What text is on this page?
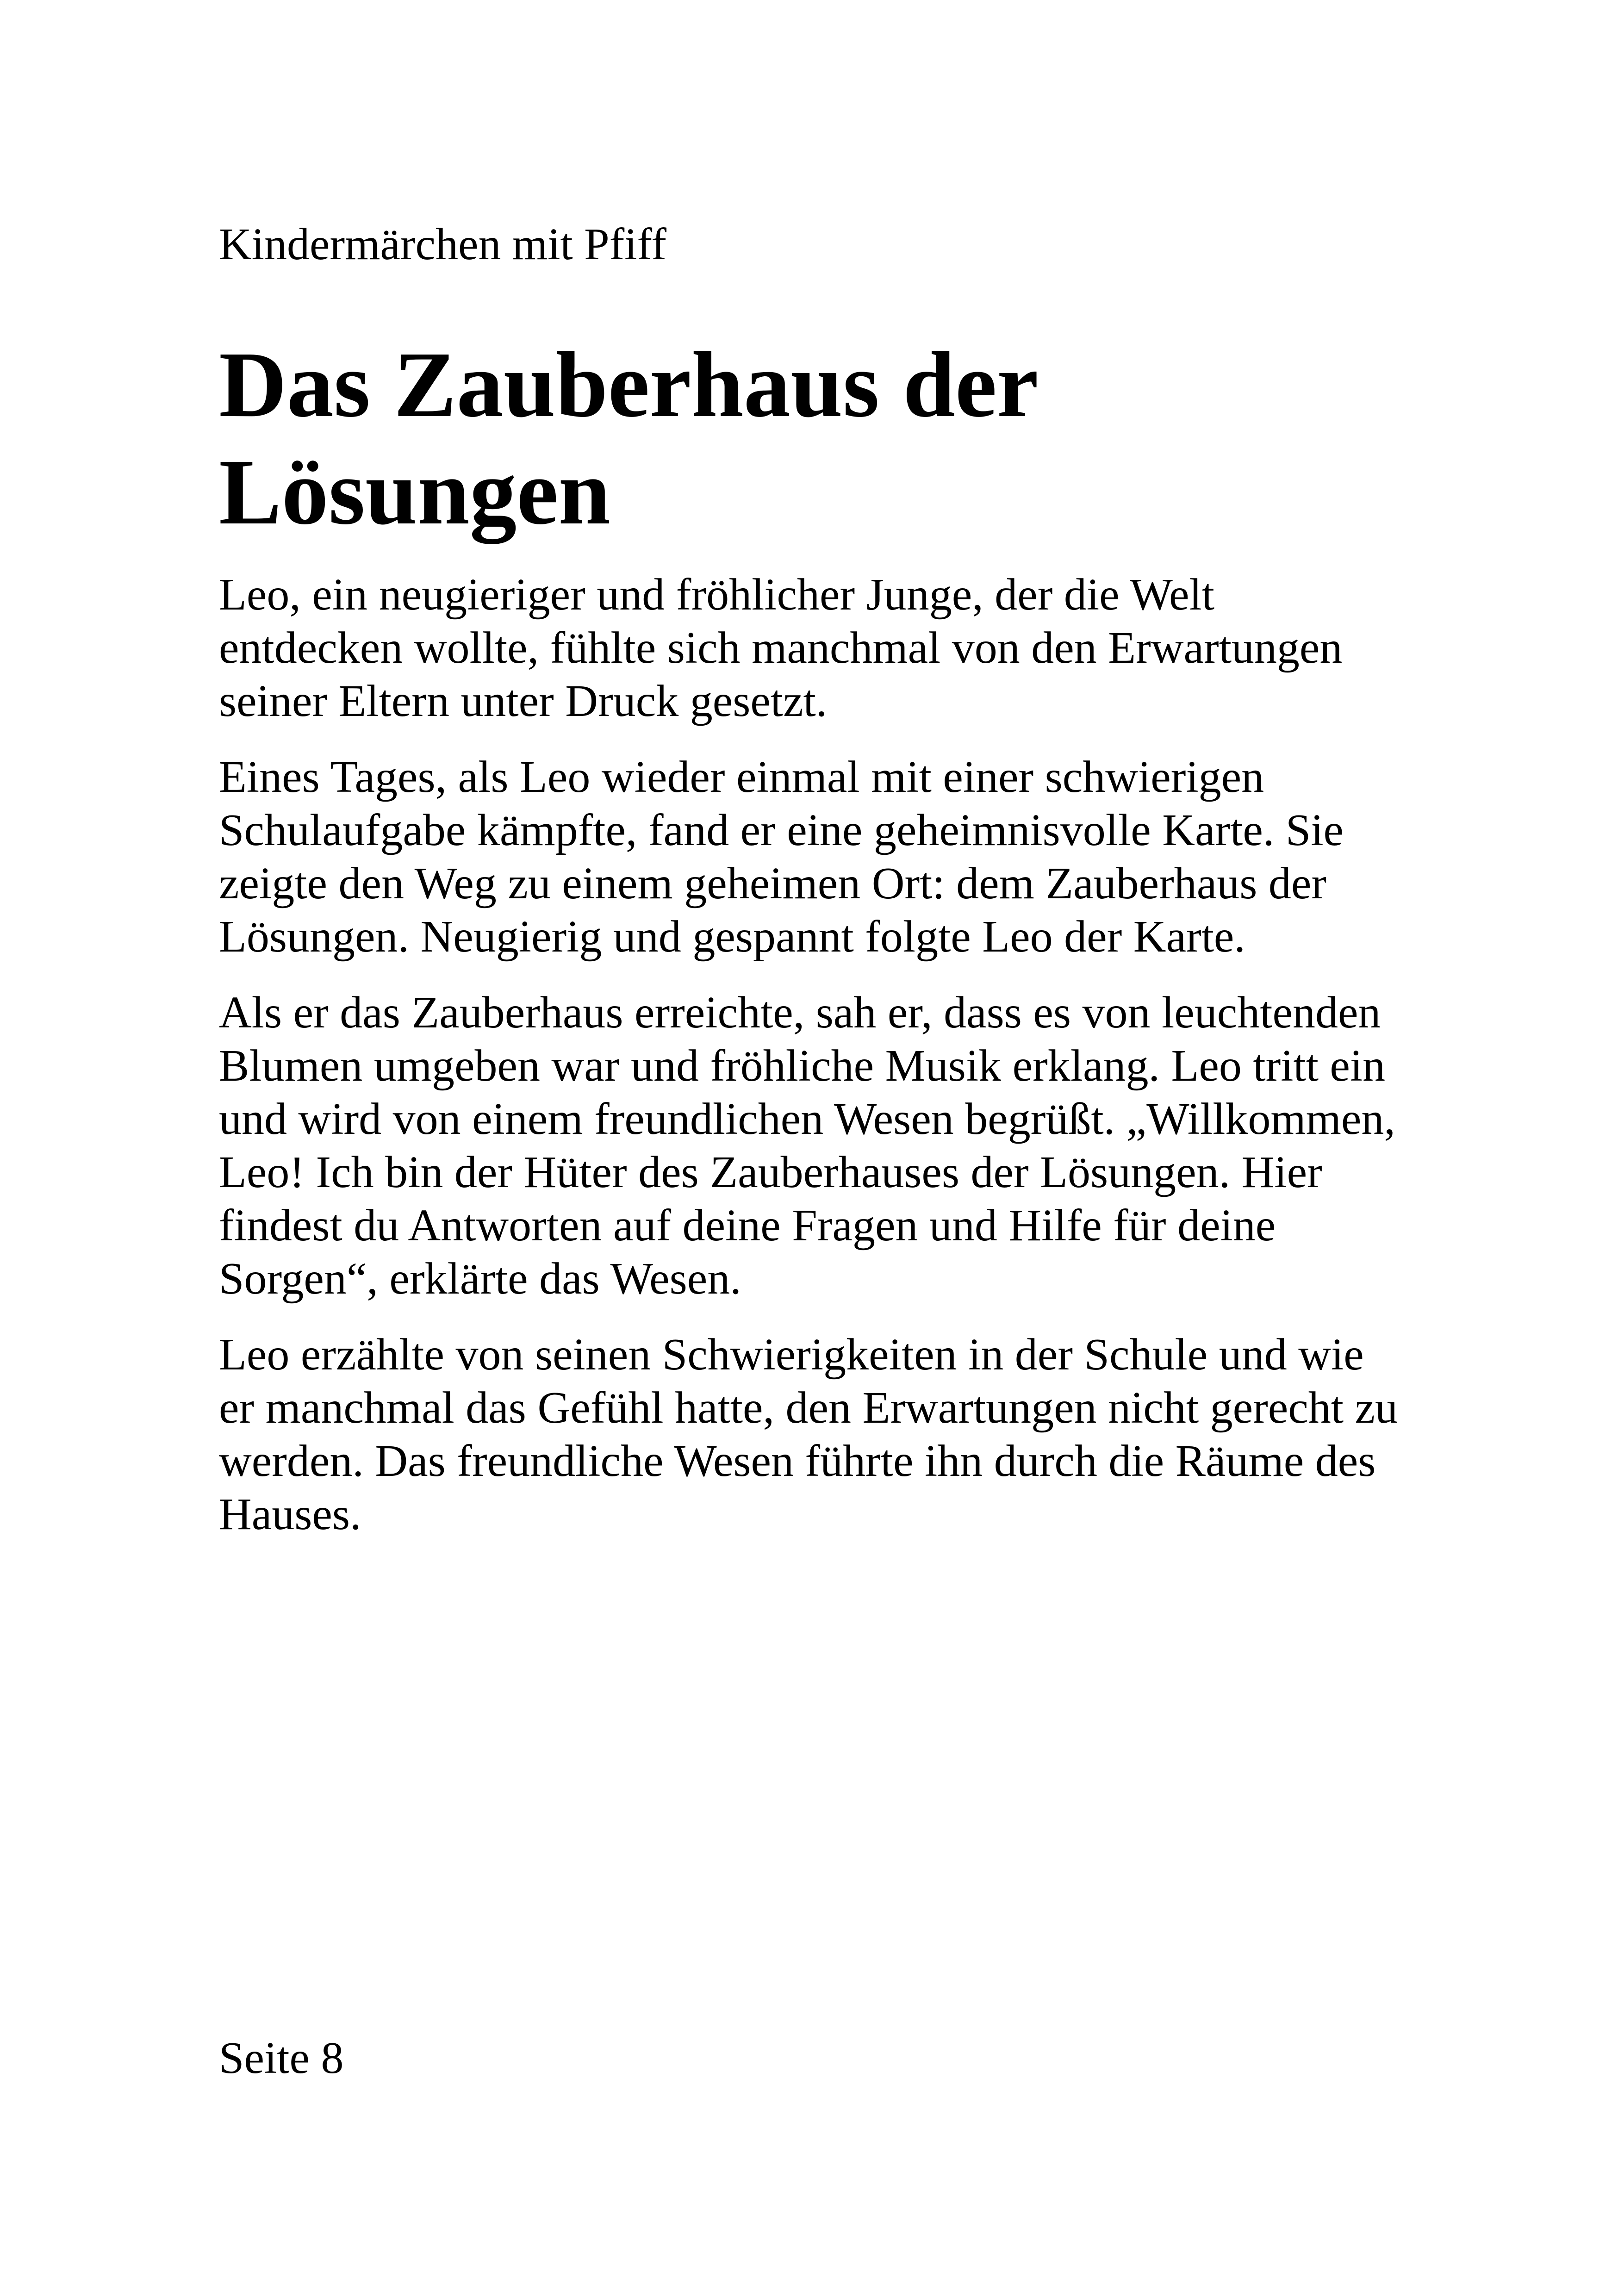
Kindermärchen mit Pfiff
Das Zauberhaus der
Lösungen

Leo, ein neugieriger und fröhlicher Junge, der die Welt entdecken wollte, fühlte sich manchmal von den Erwartungen seiner Eltern unter Druck gesetzt.

Eines Tages, als Leo wieder einmal mit einer schwierigen Schulaufgabe kämpfte, fand er eine geheimnisvolle Karte. Sie zeigte den Weg zu einem geheimen Ort: dem Zauberhaus der Lösungen. Neugierig und gespannt folgte Leo der Karte.

Als er das Zauberhaus erreichte, sah er, dass es von leuchtenden Blumen umgeben war und fröhliche Musik erklang. Leo tritt ein und wird von einem freundlichen Wesen begrüßt. „Willkommen, Leo! Ich bin der Hüter des Zauberhauses der Lösungen. Hier findest du Antworten auf deine Fragen und Hilfe für deine Sorgen“, erklärte das Wesen.

Leo erzählte von seinen Schwierigkeiten in der Schule und wie er manchmal das Gefühl hatte, den Erwartungen nicht gerecht zu werden. Das freundliche Wesen führte ihn durch die Räume des Hauses.

Seite 8
